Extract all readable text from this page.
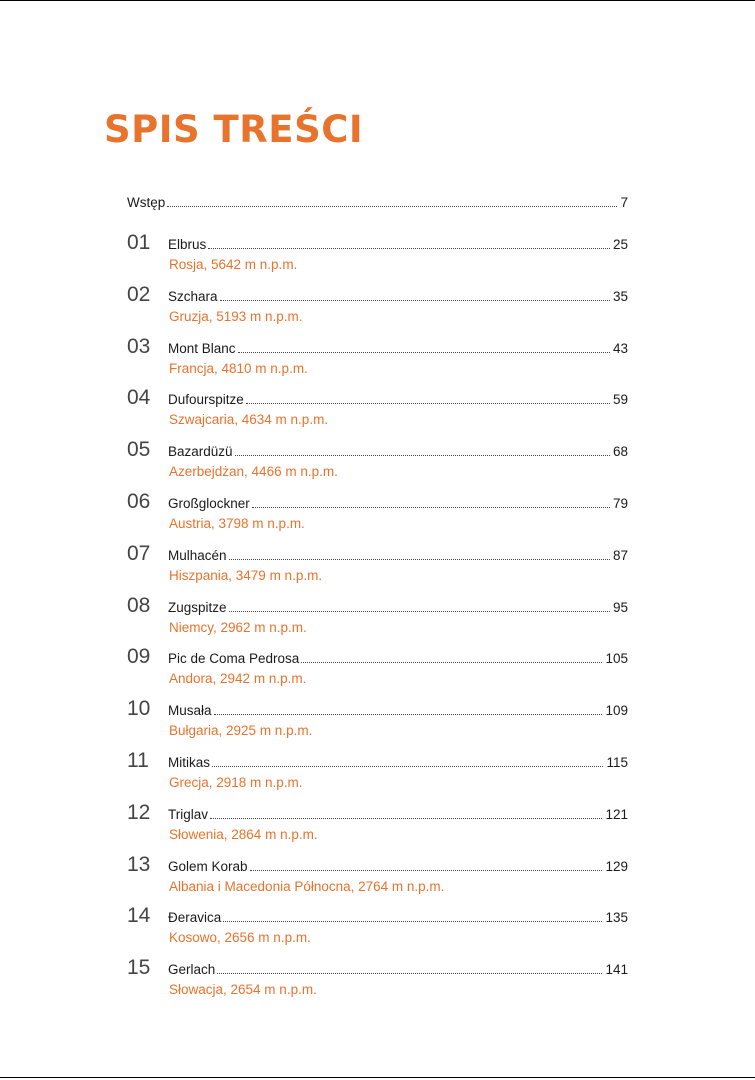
SPIS TREŚCI
Wstęp	7
01 Elbrus	25
Rosja, 5642 m n.p.m.
02 Szchara	35
Gruzja, 5193 m n.p.m.
03 Mont Blanc	43
Francja, 4810 m n.p.m.
04 Dufourspitze	59
Szwajcaria, 4634 m n.p.m.
05 Bazardüzü	68
Azerbejdżan, 4466 m n.p.m.
06 Großglockner	79
Austria, 3798 m n.p.m.
07 Mulhacén	87
Hiszpania, 3479 m n.p.m.
08 Zugspitze	95
Niemcy, 2962 m n.p.m.
09 Pic de Coma Pedrosa	105
Andora, 2942 m n.p.m.
10 Musała	109
Bułgaria, 2925 m n.p.m.
11 Mitikas	115
Grecja, 2918 m n.p.m.
12 Triglav	121
Słowenia, 2864 m n.p.m.
13 Golem Korab	129
Albania i Macedonia Północna, 2764 m n.p.m.
14 Đeravica	135
Kosowo, 2656 m n.p.m.
15 Gerlach	141
Słowacja, 2654 m n.p.m.
